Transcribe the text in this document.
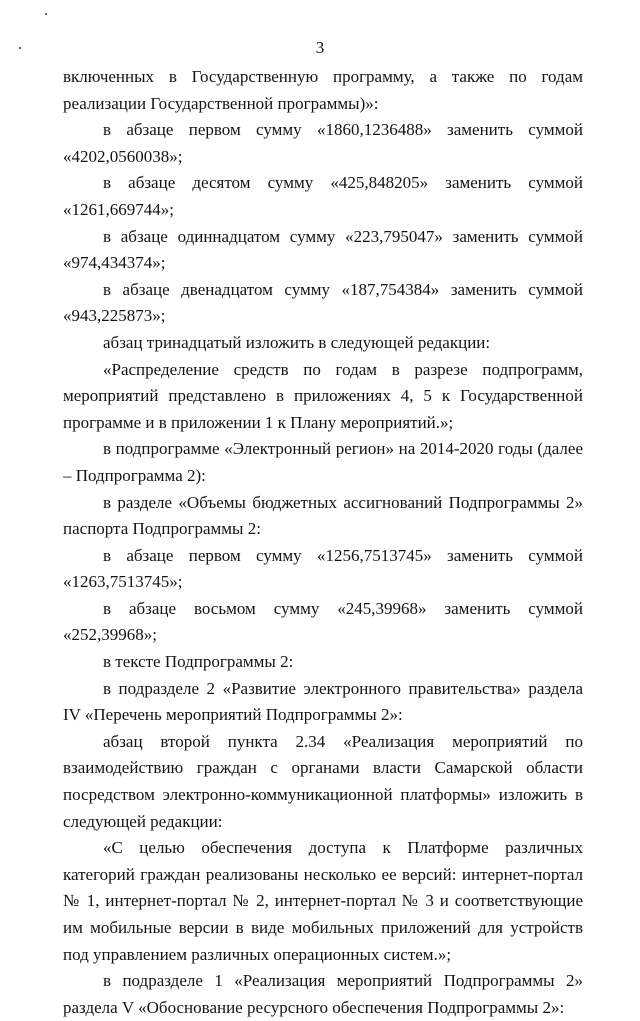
3

включенных в Государственную программу, а также по годам реализации Государственной программы)»:

в абзаце первом сумму «1860,1236488» заменить суммой «4202,0560038»;

в абзаце десятом сумму «425,848205» заменить суммой «1261,669744»;

в абзаце одиннадцатом сумму «223,795047» заменить суммой «974,434374»;

в абзаце двенадцатом сумму «187,754384» заменить суммой «943,225873»;

абзац тринадцатый изложить в следующей редакции:

«Распределение средств по годам в разрезе подпрограмм, мероприятий представлено в приложениях 4, 5 к Государственной программе и в приложении 1 к Плану мероприятий.»;

в подпрограмме «Электронный регион» на 2014-2020 годы (далее – Подпрограмма 2):

в разделе «Объемы бюджетных ассигнований Подпрограммы 2» паспорта Подпрограммы 2:

в абзаце первом сумму «1256,7513745» заменить суммой «1263,7513745»;

в абзаце восьмом сумму «245,39968» заменить суммой «252,39968»;

в тексте Подпрограммы 2:

в подразделе 2 «Развитие электронного правительства» раздела IV «Перечень мероприятий Подпрограммы 2»:

абзац второй пункта 2.34 «Реализация мероприятий по взаимодействию граждан с органами власти Самарской области посредством электронно-коммуникационной платформы» изложить в следующей редакции:

«С целью обеспечения доступа к Платформе различных категорий граждан реализованы несколько ее версий: интернет-портал № 1, интернет-портал № 2, интернет-портал № 3 и соответствующие им мобильные версии в виде мобильных приложений для устройств под управлением различных операционных систем.»;

в подразделе 1 «Реализация мероприятий Подпрограммы 2» раздела V «Обоснование ресурсного обеспечения Подпрограммы 2»:
